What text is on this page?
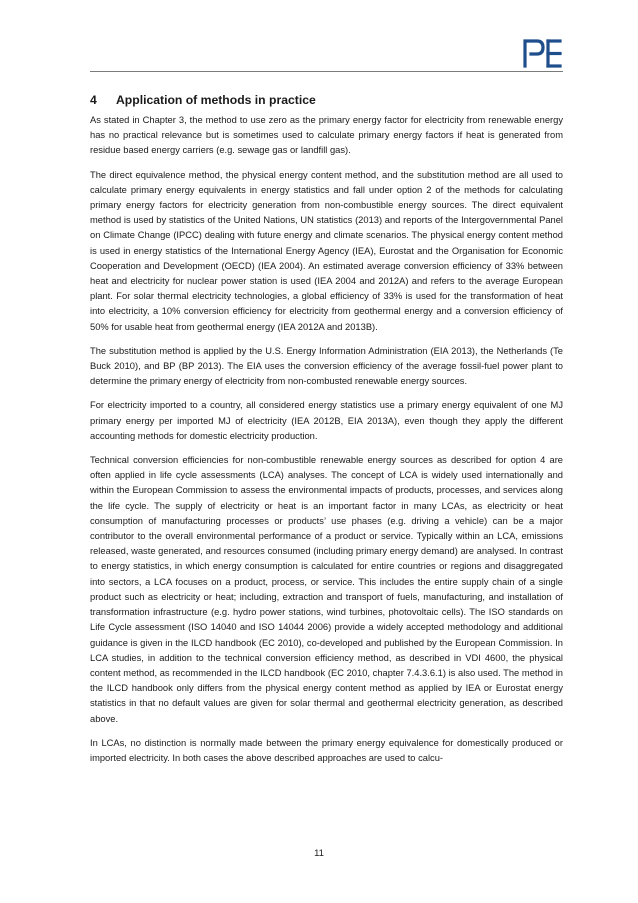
4 Application of methods in practice

As stated in Chapter 3, the method to use zero as the primary energy factor for electricity from renewable energy has no practical relevance but is sometimes used to calculate primary energy factors if heat is generated from residue based energy carriers (e.g. sewage gas or landfill gas).

The direct equivalence method, the physical energy content method, and the substitution method are all used to calculate primary energy equivalents in energy statistics and fall under option 2 of the methods for calculating primary energy factors for electricity generation from non-combustible energy sources. The direct equivalent method is used by statistics of the United Nations, UN statistics (2013) and reports of the Intergovernmental Panel on Climate Change (IPCC) dealing with future energy and climate scenarios. The physical energy content method is used in energy statistics of the International Energy Agency (IEA), Eurostat and the Organisation for Economic Cooperation and Development (OECD) (IEA 2004). An estimated average conversion efficiency of 33% between heat and electricity for nuclear power station is used (IEA 2004 and 2012A) and refers to the average European plant. For solar thermal electricity technologies, a global efficiency of 33% is used for the transformation of heat into electricity, a 10% conversion efficiency for electricity from geothermal energy and a conversion efficiency of 50% for usable heat from geothermal energy (IEA 2012A and 2013B).

The substitution method is applied by the U.S. Energy Information Administration (EIA 2013), the Netherlands (Te Buck 2010), and BP (BP 2013). The EIA uses the conversion efficiency of the average fossil-fuel power plant to determine the primary energy of electricity from non-combusted renewable energy sources.

For electricity imported to a country, all considered energy statistics use a primary energy equivalent of one MJ primary energy per imported MJ of electricity (IEA 2012B, EIA 2013A), even though they apply the different accounting methods for domestic electricity production.

Technical conversion efficiencies for non-combustible renewable energy sources as described for option 4 are often applied in life cycle assessments (LCA) analyses. The concept of LCA is widely used internationally and within the European Commission to assess the environmental impacts of products, processes, and services along the life cycle. The supply of electricity or heat is an important factor in many LCAs, as electricity or heat consumption of manufacturing processes or products’ use phases (e.g. driving a vehicle) can be a major contributor to the overall environmental performance of a product or service. Typically within an LCA, emissions released, waste generated, and resources consumed (including primary energy demand) are analysed. In contrast to energy statistics, in which energy consumption is calculated for entire countries or regions and disaggregated into sectors, a LCA focuses on a product, process, or service. This includes the entire supply chain of a single product such as electricity or heat; including, extraction and transport of fuels, manufacturing, and installation of transformation infrastructure (e.g. hydro power stations, wind turbines, photovoltaic cells). The ISO standards on Life Cycle assessment (ISO 14040 and ISO 14044 2006) provide a widely accepted methodology and additional guidance is given in the ILCD handbook (EC 2010), co-developed and published by the European Commission. In LCA studies, in addition to the technical conversion efficiency method, as described in VDI 4600, the physical content method, as recommended in the ILCD handbook (EC 2010, chapter 7.4.3.6.1) is also used. The method in the ILCD handbook only differs from the physical energy content method as applied by IEA or Eurostat energy statistics in that no default values are given for solar thermal and geothermal electricity generation, as described above.

In LCAs, no distinction is normally made between the primary energy equivalence for domestically produced or imported electricity. In both cases the above described approaches are used to calcu-

11
